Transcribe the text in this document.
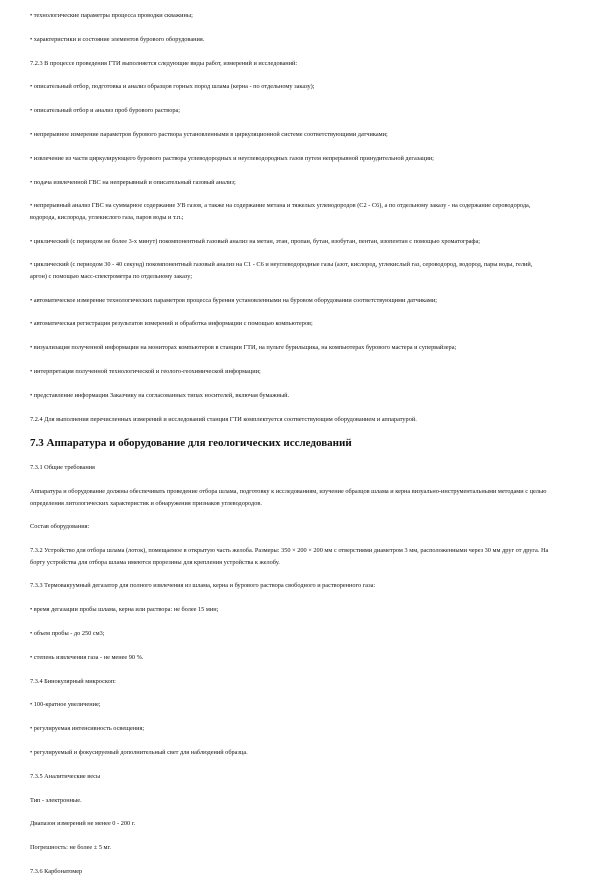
• технологические параметры процесса проводки скважины;

• характеристики и состояние элементов бурового оборудования.

7.2.3 В процессе проведения ГТИ выполняется следующие виды работ, измерений и исследований:

• описательный отбор, подготовка и анализ образцов горных пород шлама (керна - по отдельному заказу);

• описательный отбор и анализ проб бурового раствора;

• непрерывное измерение параметров бурового раствора установленными в циркуляционной системе соответствующими датчиками;

• извлечение из части циркулирующего бурового раствора углеводородных и неуглеводородных газов путем непрерывной принудительной дегазации;

• подача извлеченной ГВС на непрерывный и описательный газовый анализ;

• непрерывный анализ ГВС на суммарное содержание УВ газов, а также на содержание метана и тяжелых углеводородов (С2 - С6), а по отдельному заказу - на содержание сероводорода, водорода, кислорода, углекислого газа, паров воды и т.п.;

• циклический (с периодом не более 3-х минут) покомпонентный газовый анализ на метан, этан, пропан, бутан, изобутан, пентан, изопентан с помощью хроматографа;

• циклический (с периодом 30 - 40 секунд) покомпонентный газовый анализ на С1 - С6 и неуглеводородные газы (азот, кислород, углекислый газ, сероводород, водород, пары воды, гелий, аргон) с помощью масс-спектрометра по отдельному заказу;

• автоматическое измерение технологических параметров процесса бурения установленными на буровом оборудовании соответствующими датчиками;

• автоматическая регистрация результатов измерений и обработка информации с помощью компьютеров;

• визуализация полученной информации на мониторах компьютеров в станции ГТИ, на пульте бурильщика, на компьютерах бурового мастера и супервайзера;

• интерпретация полученной технологической и геолого-геохимической информации;

• представление информации Заказчику на согласованных типах носителей, включая бумажный.

7.2.4 Для выполнения перечисленных измерений и исследований станция ГТИ комплектуется соответствующим оборудованием и аппаратурой.

7.3 Аппаратура и оборудование для геологических исследований

7.3.1 Общие требования

Аппаратура и оборудование должны обеспечивать проведение отбора шлама, подготовку к исследованиям, изучение образцов шлама и керна визуально-инструментальными методами с целью определения литологических характеристик и обнаружения признаков углеводородов.

Состав оборудования:

7.3.2 Устройство для отбора шлама (лоток), помещаемое в открытую часть желоба. Размеры: 350 × 200 × 200 мм с отверстиями диаметром 3 мм, расположенными через 30 мм друг от друга. На борту устройства для отбора шлама имеются прорезины для крепления устройства к желобу.

7.3.3 Термовакуумный дегазатор для полного извлечения из шлама, керна и бурового раствора свободного и растворенного газа:

• время дегазации пробы шлама, керна или раствора: не более 15 мин;

• объем пробы - до 250 см3;

• степень извлечения газа - не менее 90 %.

7.3.4 Бинокулярный микроскоп:

• 100-кратное увеличение;

• регулируемая интенсивность освещения;

• регулируемый и фокусируемый дополнительный свет для наблюдений образца.

7.3.5 Аналитические весы

Тип - электронные.

Диапазон измерений не менее 0 - 200 г.

Погрешность: не более ± 5 мг.

7.3.6 Карбонатомер
